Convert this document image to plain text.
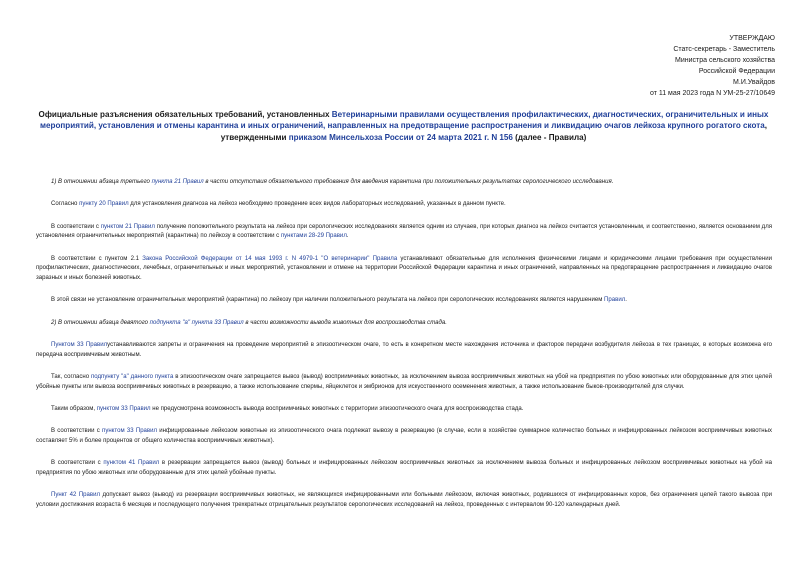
УТВЕРЖДАЮ
Статс-секретарь - Заместитель
Министра сельского хозяйства
Российской Федерации
М.И.Увайдов
от 11 мая 2023 года N УМ-25-27/10649
Официальные разъяснения обязательных требований, установленных Ветеринарными правилами осуществления профилактических, диагностических, ограничительных и иных мероприятий, установления и отмены карантина и иных ограничений, направленных на предотвращение распространения и ликвидацию очагов лейкоза крупного рогатого скота, утвержденными приказом Минсельхоза России от 24 марта 2021 г. N 156 (далее - Правила)

1) В отношении абзаца третьего пункта 21 Правил в части отсутствия обязательного требования для введения карантина при положительных результатах серологического исследования.

Согласно пункту 20 Правил для установления диагноза на лейкоз необходимо проведение всех видов лабораторных исследований, указанных в данном пункте.

В соответствии с пунктом 21 Правил получение положительного результата на лейкоз при серологических исследованиях является одним из случаев, при которых диагноз на лейкоз считается установленным, и соответственно, является основанием для установления ограничительных мероприятий (карантина) по лейкозу в соответствии с пунктами 28-29 Правил.

В соответствии с пунктом 2.1 Закона Российской Федерации от 14 мая 1993 г. N 4979-1 "О ветеринарии" Правила устанавливают обязательные для исполнения физическими лицами и юридическими лицами требования при осуществлении профилактических, диагностических, лечебных, ограничительных и иных мероприятий, установлении и отмене на территории Российской Федерации карантина и иных ограничений, направленных на предотвращение распространения и ликвидацию очагов заразных и иных болезней животных.

В этой связи не установление ограничительных мероприятий (карантина) по лейкозу при наличии положительного результата на лейкоз при серологических исследованиях является нарушением Правил.

2) В отношении абзаца девятого подпункта "а" пункта 33 Правил в части возможности вывода животных для воспроизводства стада.

Пунктом 33 Правилустанавливаются запреты и ограничения на проведение мероприятий в эпизоотическом очаге, то есть в конкретном месте нахождения источника и факторов передачи возбудителя лейкоза в тех границах, в которых возможна его передача восприимчивым животным.

Так, согласно подпункту "а" данного пункта в эпизоотическом очаге запрещается вывоз (вывод) восприимчивых животных, за исключением вывоза восприимчивых животных на убой на предприятия по убою животных или оборудованные для этих целей убойные пункты или вывоза восприимчивых животных в резервацию, а также использование спермы, яйцеклеток и эмбрионов для искусственного осеменения животных, а также использование быков-производителей для случки.

Таким образом, пунктом 33 Правил не предусмотрена возможность вывода восприимчивых животных с территории эпизоотического очага для воспроизводства стада.

В соответствии с пунктом 33 Правил инфицированные лейкозом животные из эпизоотического очага подлежат вывозу в резервацию (в случае, если в хозяйстве суммарное количество больных и инфицированных лейкозом восприимчивых животных составляет 5% и более процентов от общего количества восприимчивых животных).

В соответствии с пунктом 41 Правил в резервации запрещается вывоз (вывод) больных и инфицированных лейкозом восприимчивых животных за исключением вывоза больных и инфицированных лейкозом восприимчивых животных на убой на предприятия по убою животных или оборудованные для этих целей убойные пункты.

Пункт 42 Правил допускает вывоз (вывод) из резервации восприимчивых животных, не являющихся инфицированными или больными лейкозом, включая животных, родившихся от инфицированных коров, без ограничения целей такого вывоза при условии достижения возраста 6 месяцев и последующего получения трехкратных отрицательных результатов серологических исследований на лейкоз, проведенных с интервалом 90-120 календарных дней.
